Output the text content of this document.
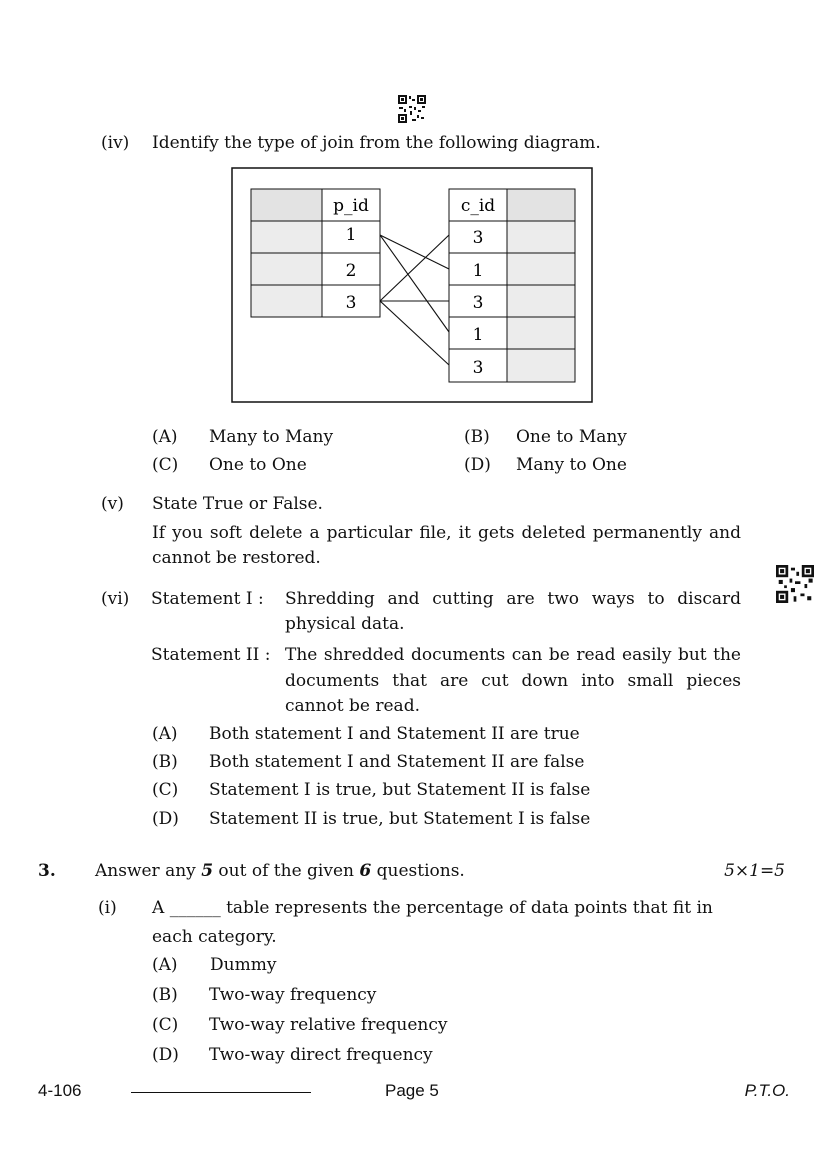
(iv) Identify the type of join from the following diagram.
p_id
1
2
3
c_id
3
1
3
1
3
(A) Many to Many	(B) One to Many
(C) One to One	(D) Many to One
(v) State True or False.
If you soft delete a particular file, it gets deleted permanently and
cannot be restored.
(vi) Statement I : Shredding and cutting are two ways to discard
physical data.
Statement II : The shredded documents can be read easily but the
documents that are cut down into small pieces
cannot be read.
(A) Both statement I and Statement II are true
(B) Both statement I and Statement II are false
(C) Statement I is true, but Statement II is false
(D) Statement II is true, but Statement I is false
3. Answer any 5 out of the given 6 questions.	5×1=5
(i) A ______ table represents the percentage of data points that fit in
each category.
(A) Dummy
(B) Two-way frequency
(C) Two-way relative frequency
(D) Two-way direct frequency
4-106	Page 5	P.T.O.
